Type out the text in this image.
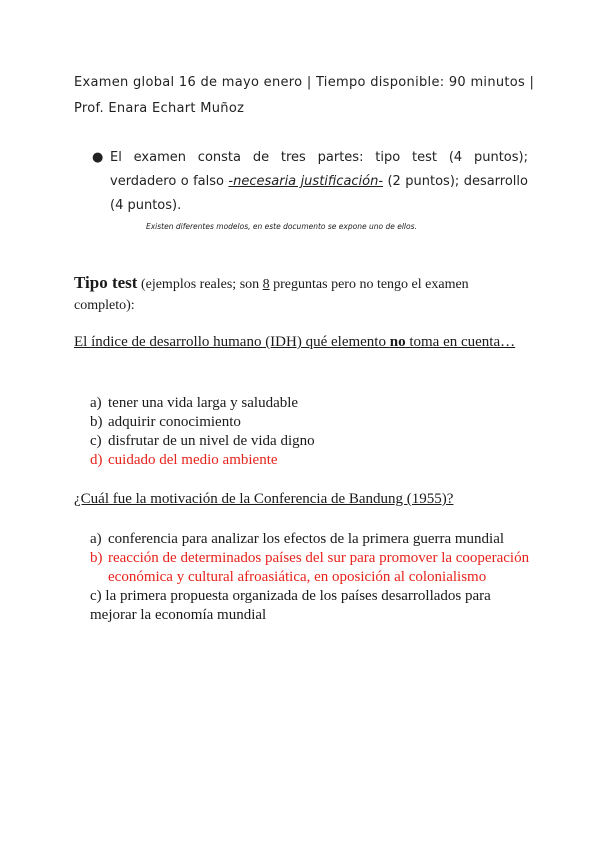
Examen global 16 de mayo enero | Tiempo disponible: 90 minutos |
Prof. Enara Echart Muñoz
● El examen consta de tres partes: tipo test (4 puntos); verdadero o falso -necesaria justificación- (2 puntos); desarrollo (4 puntos).
Existen diferentes modelos, en este documento se expone uno de ellos.
Tipo test (ejemplos reales; son 8 preguntas pero no tengo el examen completo):
El índice de desarrollo humano (IDH) qué elemento no toma en cuenta…
a) tener una vida larga y saludable
b) adquirir conocimiento
c) disfrutar de un nivel de vida digno
d) cuidado del medio ambiente
¿Cuál fue la motivación de la Conferencia de Bandung (1955)?
a) conferencia para analizar los efectos de la primera guerra mundial
b) reacción de determinados países del sur para promover la cooperación económica y cultural afroasiática, en oposición al colonialismo
c) la primera propuesta organizada de los países desarrollados para mejorar la economía mundial
